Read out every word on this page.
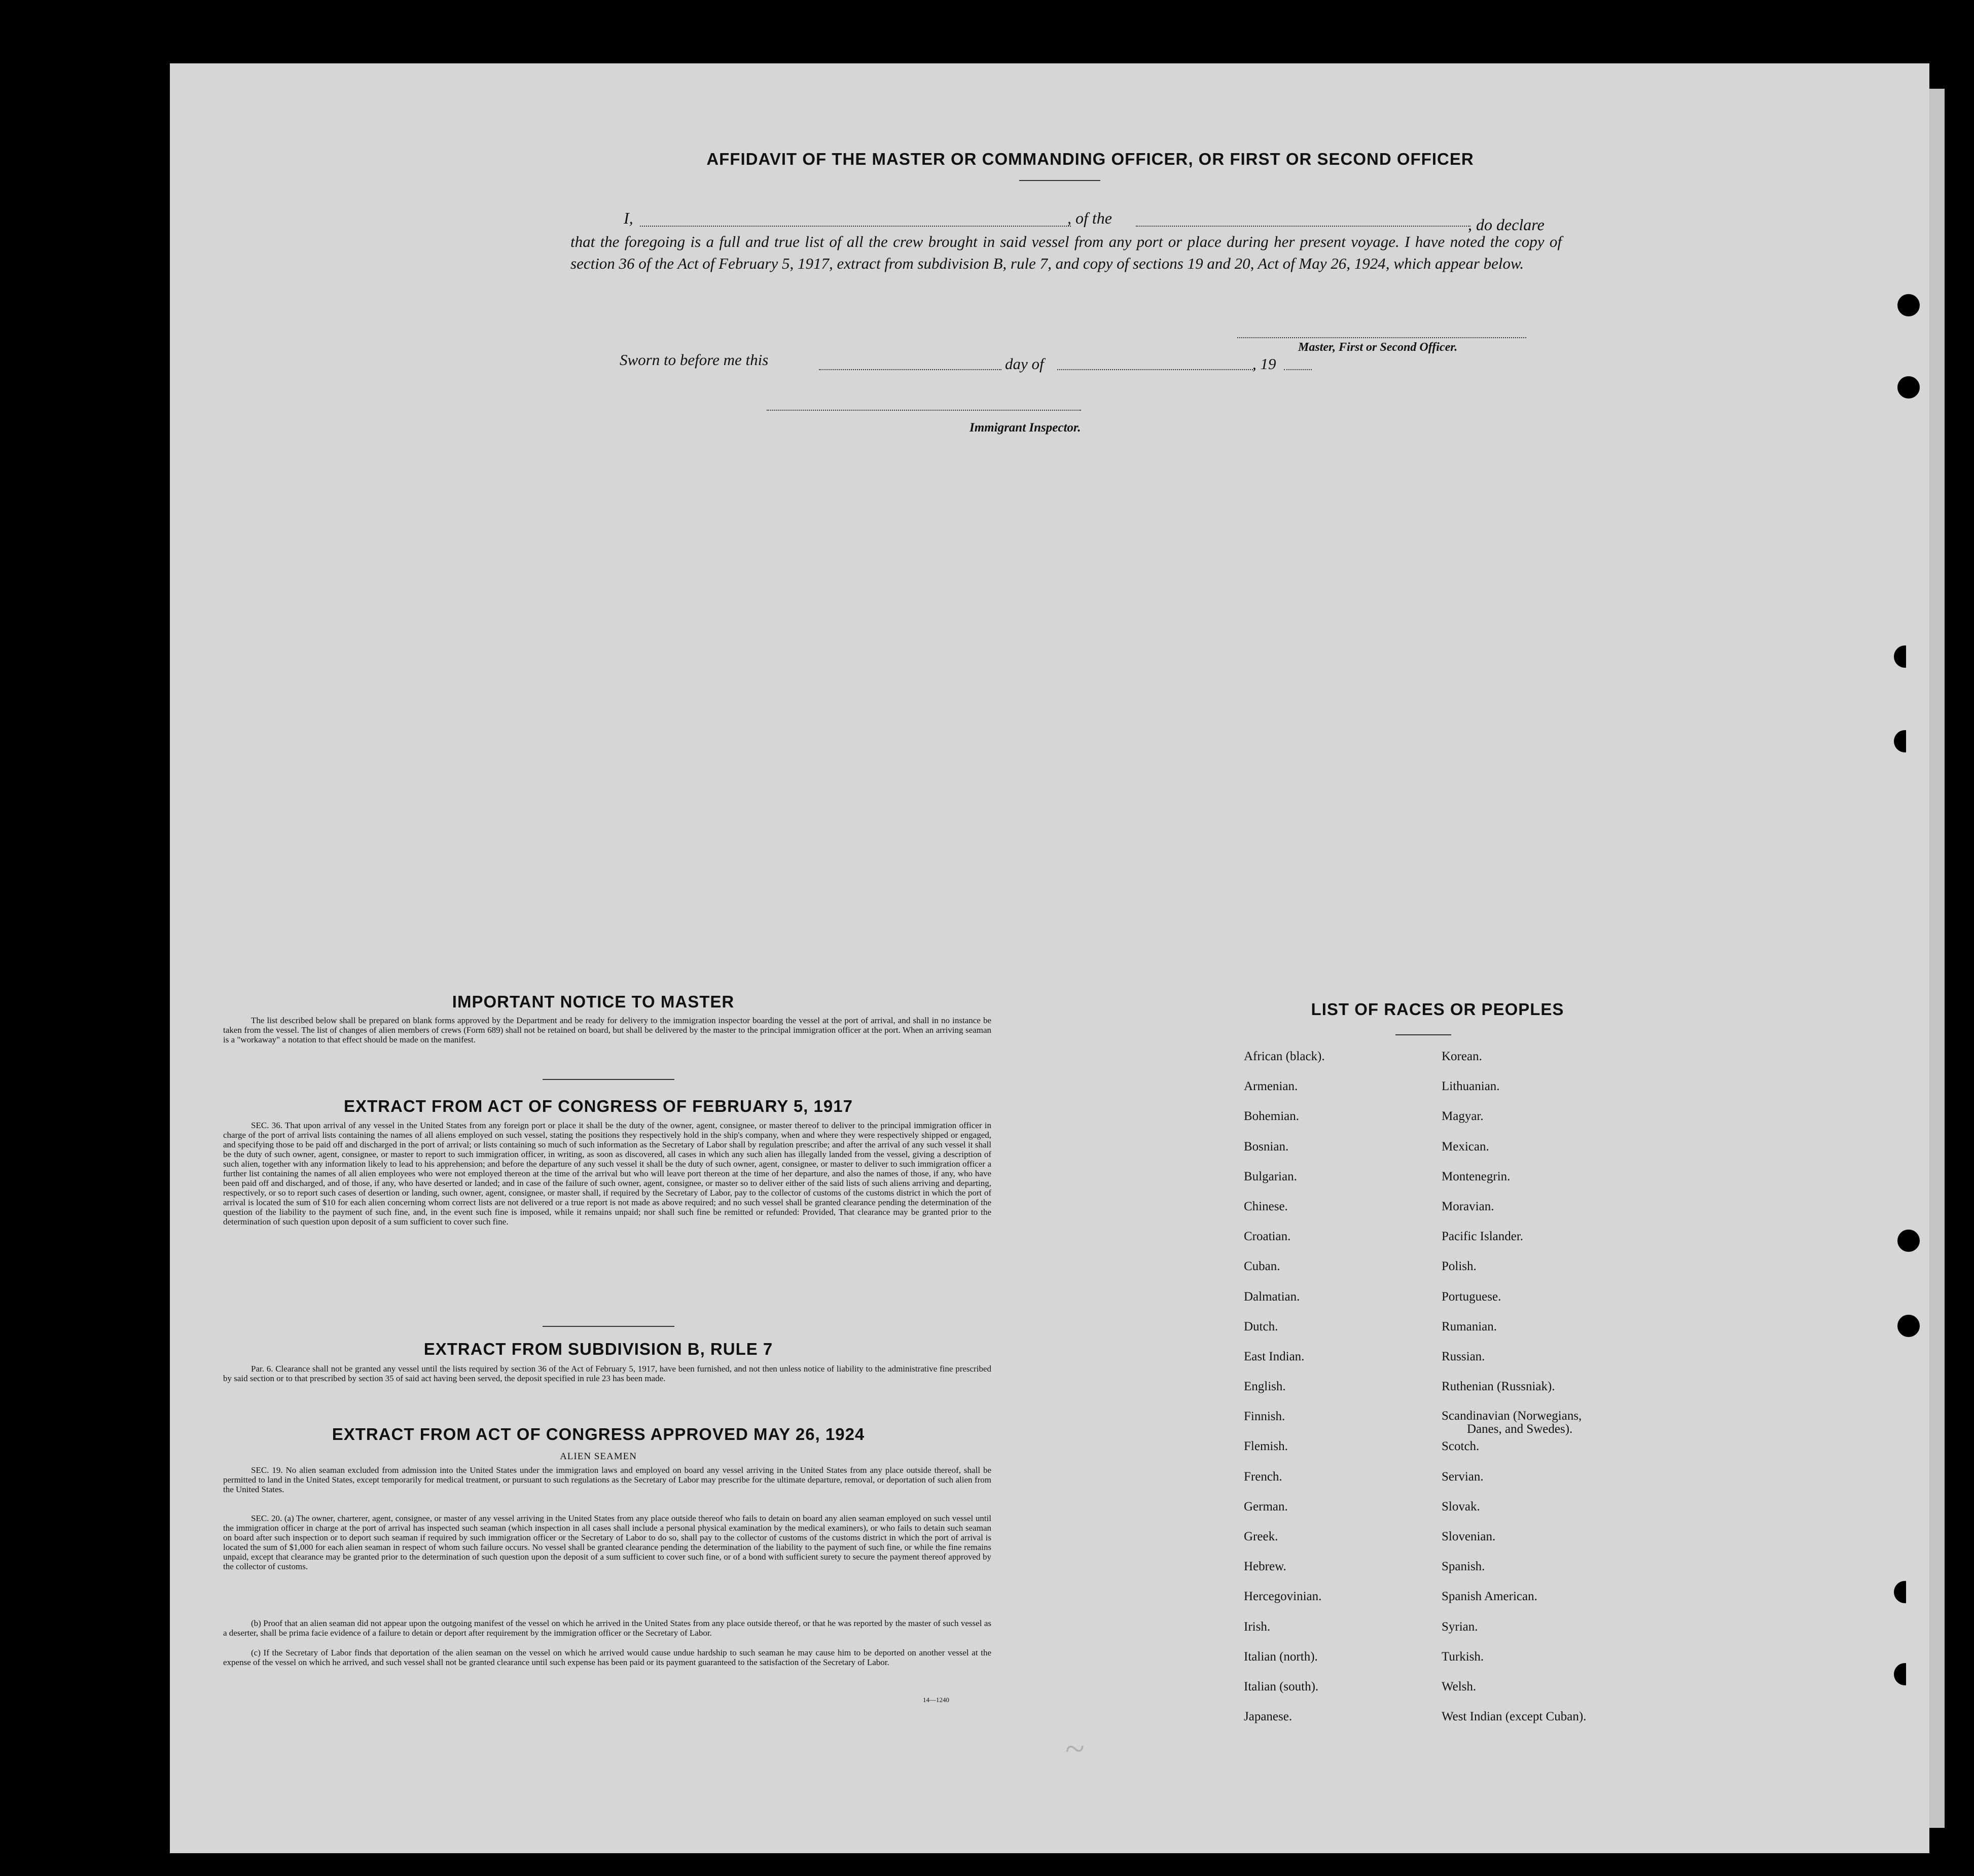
~
AFFIDAVIT OF THE MASTER OR COMMANDING OFFICER, OR FIRST OR SECOND OFFICER
I,	, of the	, do declare
that the foregoing is a full and true list of all the crew brought in said vessel from any port or place during her present voyage. I have noted the copy of section 36 of the Act of February 5, 1917, extract from subdivision B, rule 7, and copy of sections 19 and 20, Act of May 26, 1924, which appear below.
Master, First or Second Officer.
Sworn to before me this	day of	, 19
Immigrant Inspector.
IMPORTANT NOTICE TO MASTER
The list described below shall be prepared on blank forms approved by the Department and be ready for delivery to the immigration inspector boarding the vessel at the port of arrival, and shall in no instance be taken from the vessel. The list of changes of alien members of crews (Form 689) shall not be retained on board, but shall be delivered by the master to the principal immigration officer at the port. When an arriving seaman is a "workaway" a notation to that effect should be made on the manifest.
EXTRACT FROM ACT OF CONGRESS OF FEBRUARY 5, 1917
SEC. 36. That upon arrival of any vessel in the United States from any foreign port or place it shall be the duty of the owner, agent, consignee, or master thereof to deliver to the principal immigration officer in charge of the port of arrival lists containing the names of all aliens employed on such vessel, stating the positions they respectively hold in the ship's company, when and where they were respectively shipped or engaged, and specifying those to be paid off and discharged in the port of arrival; or lists containing so much of such information as the Secretary of Labor shall by regulation prescribe; and after the arrival of any such vessel it shall be the duty of such owner, agent, consignee, or master to report to such immigration officer, in writing, as soon as discovered, all cases in which any such alien has illegally landed from the vessel, giving a description of such alien, together with any information likely to lead to his apprehension; and before the departure of any such vessel it shall be the duty of such owner, agent, consignee, or master to deliver to such immigration officer a further list containing the names of all alien employees who were not employed thereon at the time of the arrival but who will leave port thereon at the time of her departure, and also the names of those, if any, who have been paid off and discharged, and of those, if any, who have deserted or landed; and in case of the failure of such owner, agent, consignee, or master so to deliver either of the said lists of such aliens arriving and departing, respectively, or so to report such cases of desertion or landing, such owner, agent, consignee, or master shall, if required by the Secretary of Labor, pay to the collector of customs of the customs district in which the port of arrival is located the sum of $10 for each alien concerning whom correct lists are not delivered or a true report is not made as above required; and no such vessel shall be granted clearance pending the determination of the question of the liability to the payment of such fine, and, in the event such fine is imposed, while it remains unpaid; nor shall such fine be remitted or refunded: Provided, That clearance may be granted prior to the determination of such question upon deposit of a sum sufficient to cover such fine.
EXTRACT FROM SUBDIVISION B, RULE 7
Par. 6. Clearance shall not be granted any vessel until the lists required by section 36 of the Act of February 5, 1917, have been furnished, and not then unless notice of liability to the administrative fine prescribed by said section or to that prescribed by section 35 of said act having been served, the deposit specified in rule 23 has been made.
EXTRACT FROM ACT OF CONGRESS APPROVED MAY 26, 1924
ALIEN SEAMEN
SEC. 19. No alien seaman excluded from admission into the United States under the immigration laws and employed on board any vessel arriving in the United States from any place outside thereof, shall be permitted to land in the United States, except temporarily for medical treatment, or pursuant to such regulations as the Secretary of Labor may prescribe for the ultimate departure, removal, or deportation of such alien from the United States.
SEC. 20. (a) The owner, charterer, agent, consignee, or master of any vessel arriving in the United States from any place outside thereof who fails to detain on board any alien seaman employed on such vessel until the immigration officer in charge at the port of arrival has inspected such seaman (which inspection in all cases shall include a personal physical examination by the medical examiners), or who fails to detain such seaman on board after such inspection or to deport such seaman if required by such immigration officer or the Secretary of Labor to do so, shall pay to the collector of customs of the customs district in which the port of arrival is located the sum of $1,000 for each alien seaman in respect of whom such failure occurs. No vessel shall be granted clearance pending the determination of the liability to the payment of such fine, or while the fine remains unpaid, except that clearance may be granted prior to the determination of such question upon the deposit of a sum sufficient to cover such fine, or of a bond with sufficient surety to secure the payment thereof approved by the collector of customs.
(b) Proof that an alien seaman did not appear upon the outgoing manifest of the vessel on which he arrived in the United States from any place outside thereof, or that he was reported by the master of such vessel as a deserter, shall be prima facie evidence of a failure to detain or deport after requirement by the immigration officer or the Secretary of Labor.
(c) If the Secretary of Labor finds that deportation of the alien seaman on the vessel on which he arrived would cause undue hardship to such seaman he may cause him to be deported on another vessel at the expense of the vessel on which he arrived, and such vessel shall not be granted clearance until such expense has been paid or its payment guaranteed to the satisfaction of the Secretary of Labor.
14—1240
LIST OF RACES OR PEOPLES
African (black).
Armenian.
Bohemian.
Bosnian.
Bulgarian.
Chinese.
Croatian.
Cuban.
Dalmatian.
Dutch.
East Indian.
English.
Finnish.
Flemish.
French.
German.
Greek.
Hebrew.
Hercegovinian.
Irish.
Italian (north).
Italian (south).
Japanese.
Korean.
Lithuanian.
Magyar.
Mexican.
Montenegrin.
Moravian.
Pacific Islander.
Polish.
Portuguese.
Rumanian.
Russian.
Ruthenian (Russniak).
Scandinavian (Norwegians,
Danes, and Swedes).
Scotch.
Servian.
Slovak.
Slovenian.
Spanish.
Spanish American.
Syrian.
Turkish.
Welsh.
West Indian (except Cuban).
